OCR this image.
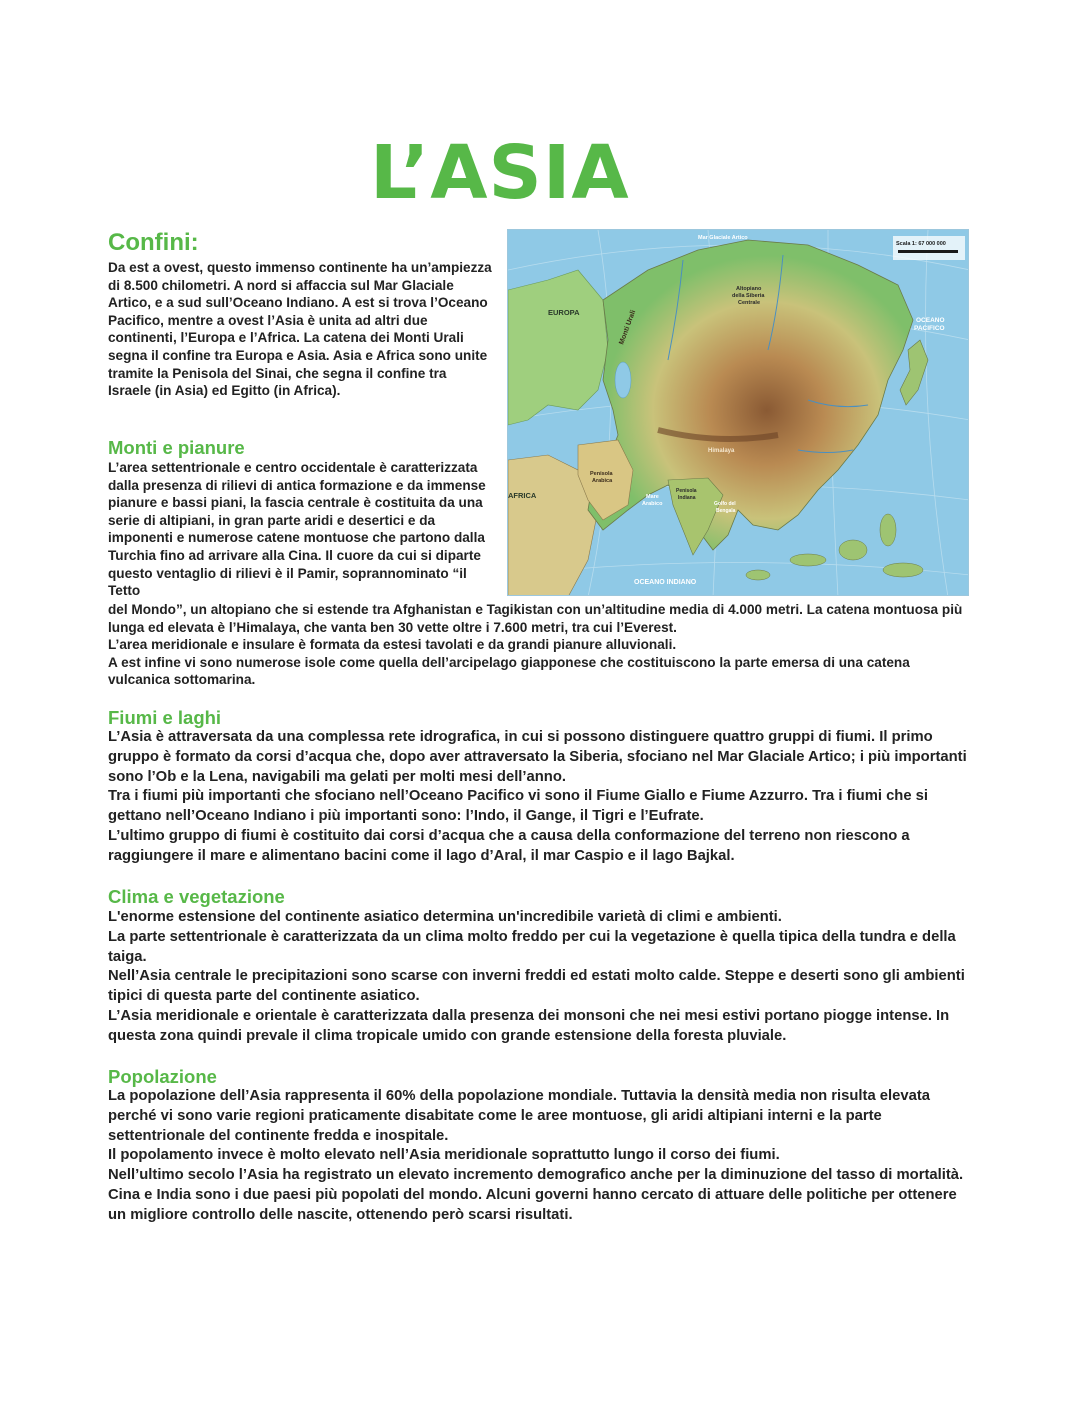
L’ASIA
Confini:

Da est a ovest, questo immenso continente ha un’ampiezza di 8.500 chilometri. A nord si affaccia sul Mar Glaciale Artico, e a sud sull’Oceano Indiano. A est si trova l’Oceano Pacifico, mentre a ovest l’Asia è unita ad altri due continenti, l’Europa e l’Africa. La catena dei Monti Urali segna il confine tra Europa e Asia. Asia e Africa sono unite tramite la Penisola del Sinai, che segna il confine tra Israele (in Asia) ed Egitto (in Africa).

Monti e pianure

L’area settentrionale e centro occidentale è caratterizzata dalla presenza di rilievi di antica formazione e da immense pianure e bassi piani, la fascia centrale è costituita da una serie di altipiani, in gran parte aridi e desertici e da imponenti e numerose catene montuose che partono dalla Turchia fino ad arrivare alla Cina. Il cuore da cui si diparte questo ventaglio di rilievi è il Pamir, soprannominato “il Tetto

del Mondo”, un altopiano che si estende tra Afghanistan e Tagikistan con un’altitudine media di 4.000 metri. La catena montuosa più lunga ed elevata è l’Himalaya, che vanta ben 30 vette oltre i 7.600 metri, tra cui l’Everest.

L’area meridionale e insulare è formata da estesi tavolati e da grandi pianure alluvionali.

A est infine vi sono numerose isole come quella dell’arcipelago giapponese che costituiscono la parte emersa di una catena vulcanica sottomarina.

Fiumi e laghi

L’Asia è attraversata da una complessa rete idrografica, in cui si possono distinguere quattro gruppi di fiumi. Il primo gruppo è formato da corsi d’acqua che, dopo aver attraversato la Siberia, sfociano nel Mar Glaciale Artico; i più importanti sono l’Ob e la Lena, navigabili ma gelati per molti mesi dell’anno.

Tra i fiumi più importanti che sfociano nell’Oceano Pacifico vi sono il Fiume Giallo e Fiume Azzurro. Tra i fiumi che si gettano nell’Oceano Indiano i più importanti sono: l’Indo, il Gange, il Tigri e l’Eufrate.

L’ultimo gruppo di fiumi è costituito dai corsi d’acqua che a causa della conformazione del terreno non riescono a raggiungere il mare e alimentano bacini come il lago d’Aral, il mar Caspio e il lago Bajkal.

Clima e vegetazione

L'enorme estensione del continente asiatico determina un'incredibile varietà di climi e ambienti.

La parte settentrionale è caratterizzata da un clima molto freddo per cui la vegetazione è quella tipica della tundra e della taiga.

Nell’Asia centrale le precipitazioni sono scarse con inverni freddi ed estati molto calde. Steppe e deserti sono gli ambienti tipici di questa parte del continente asiatico.

L’Asia meridionale e orientale è caratterizzata dalla presenza dei monsoni che nei mesi estivi portano piogge intense. In questa zona quindi prevale il clima tropicale umido con grande estensione della foresta pluviale.

Popolazione

La popolazione dell’Asia rappresenta il 60% della popolazione mondiale. Tuttavia la densità media non risulta elevata perché vi sono varie regioni praticamente disabitate come le aree montuose, gli aridi altipiani interni e la parte settentrionale del continente fredda e inospitale.

Il popolamento invece è molto elevato nell’Asia meridionale soprattutto lungo il corso dei fiumi.

Nell’ultimo secolo l’Asia ha registrato un elevato incremento demografico anche per la diminuzione del tasso di mortalità.

Cina e India sono i due paesi più popolati del mondo. Alcuni governi hanno cercato di attuare delle politiche per ottenere un migliore controllo delle nascite, ottenendo però scarsi risultati.

Scala 1: 67 000 000
EUROPA
AFRICA
OCEANO
PACIFICO
OCEANO INDIANO
Monti Urali
Altopiano
della Siberia
Centrale
Penisola
Arabica
Mare
Arabico	Golfo del
Bengala
Penisola
Indiana
Himalaya
Mar Glaciale Artico
